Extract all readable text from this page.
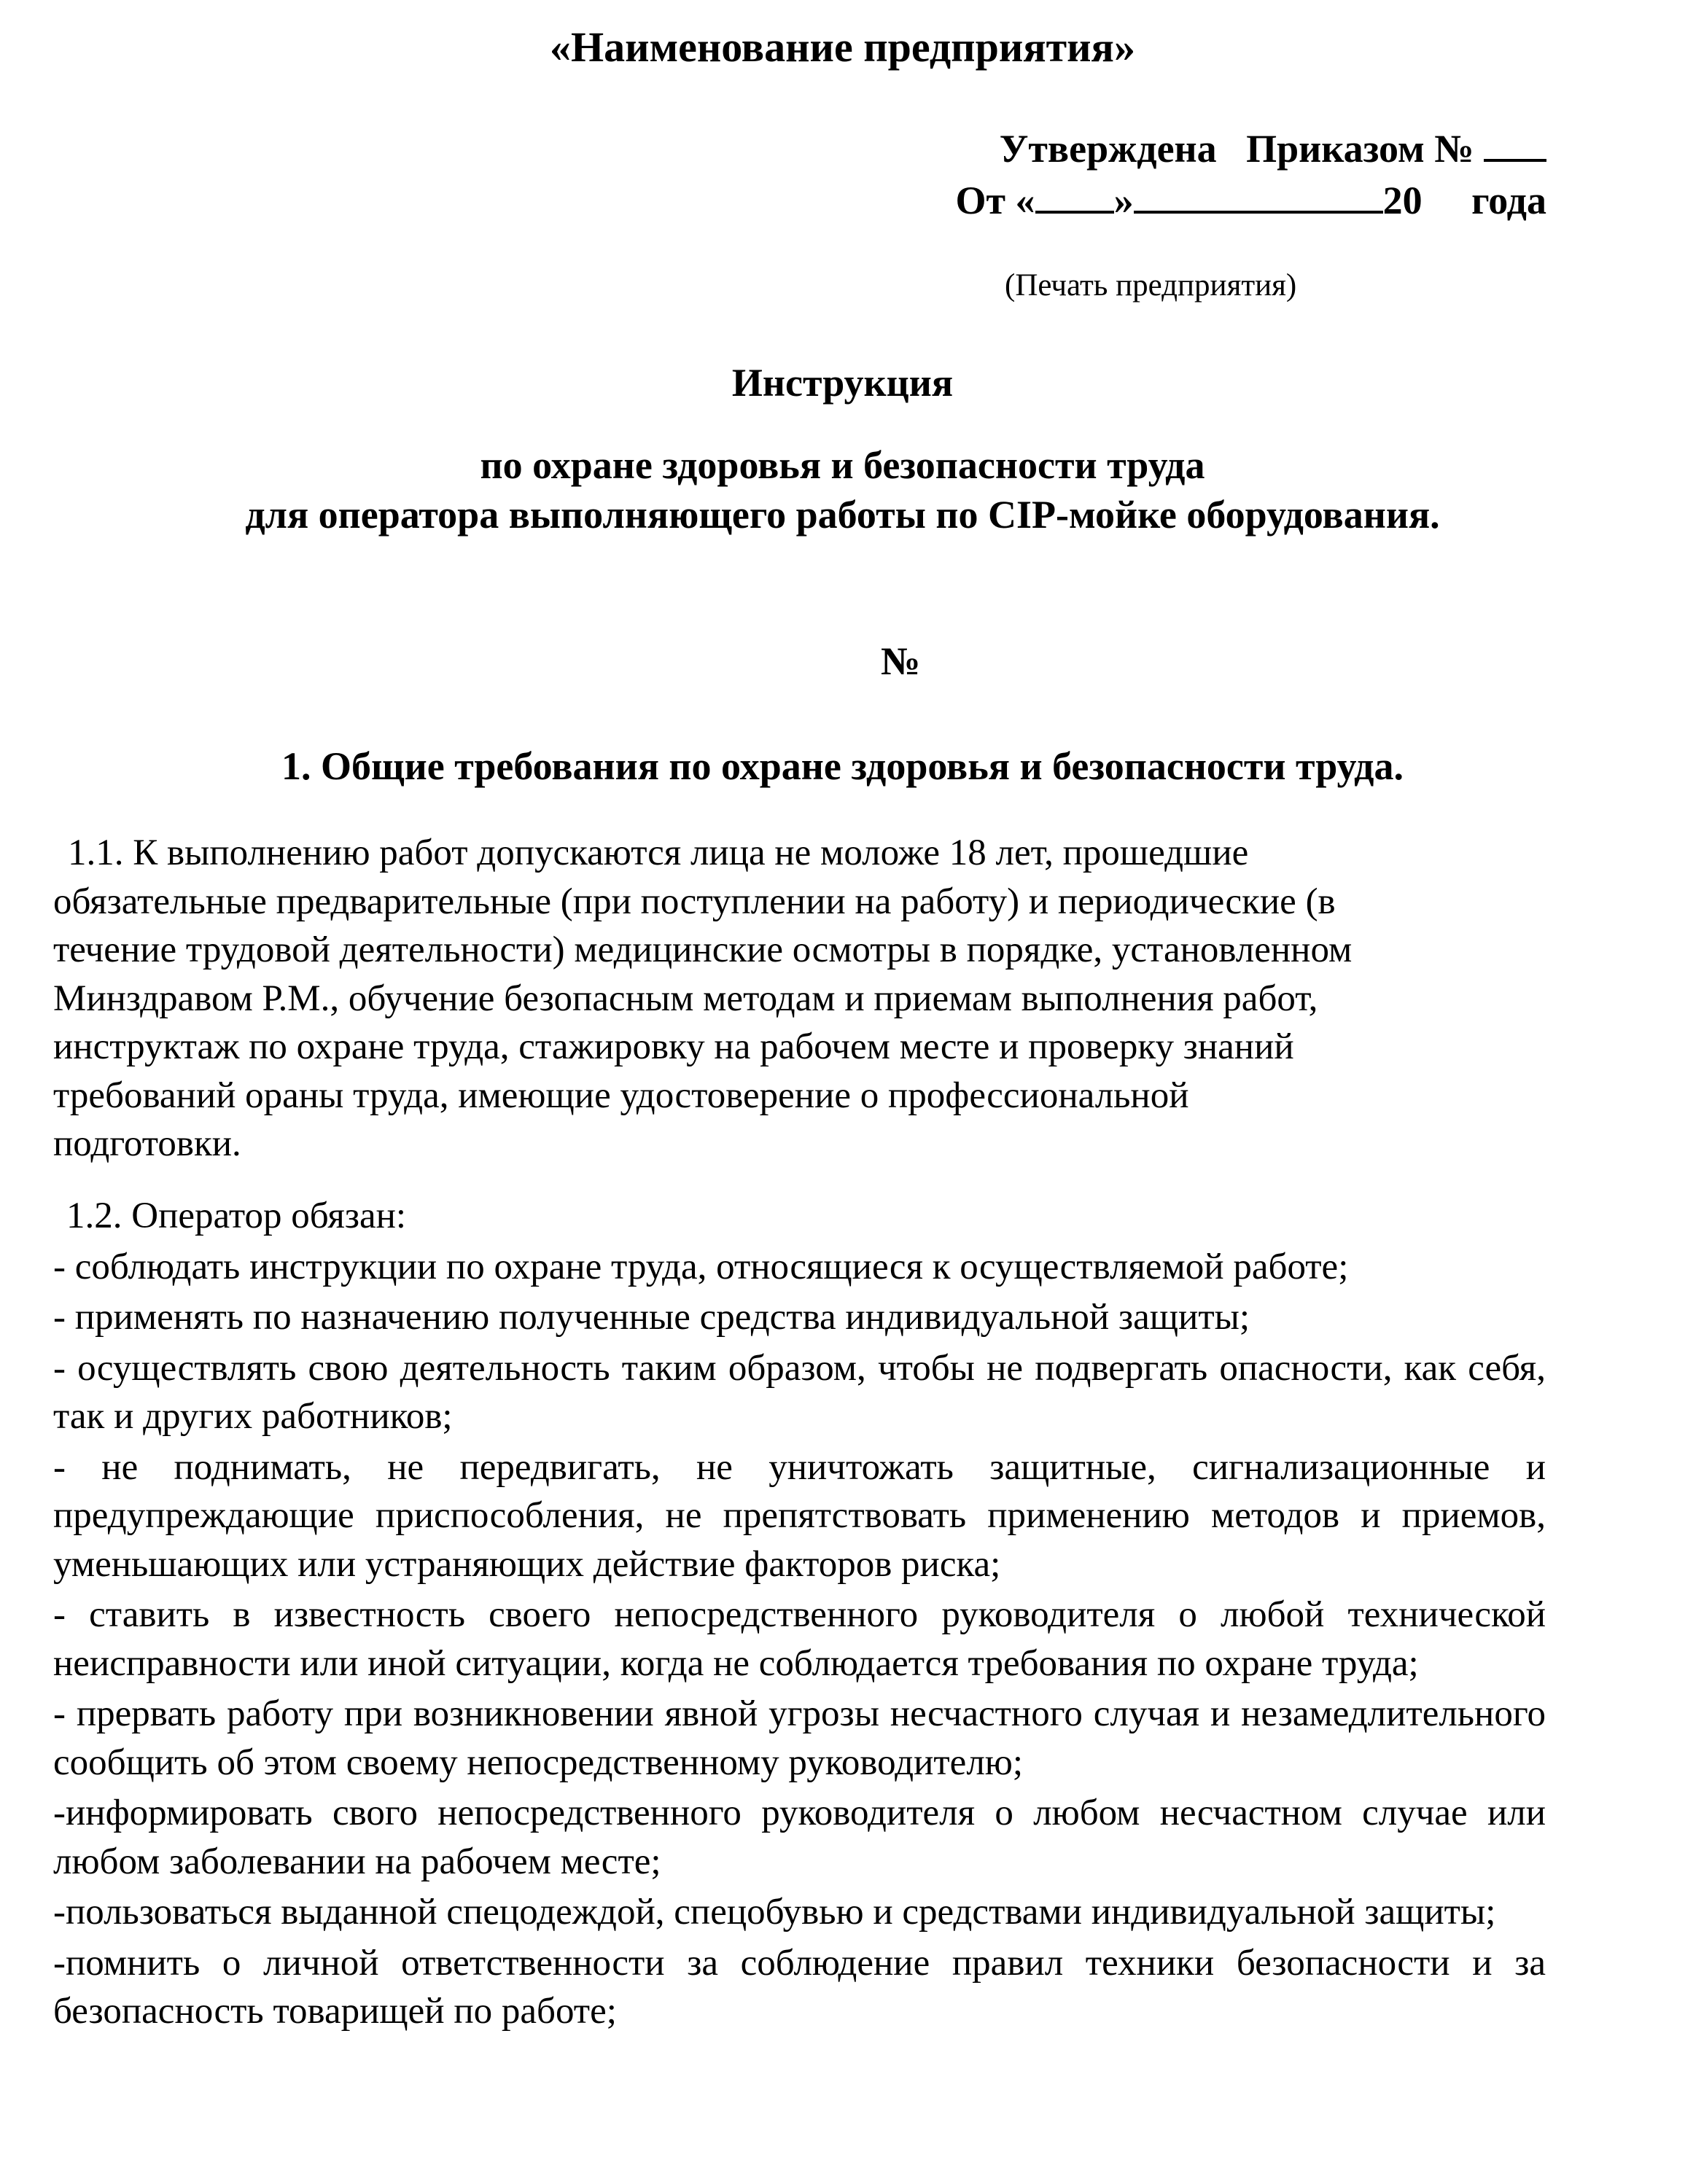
«Наименование предприятия»
Утверждена   Приказом №
От « »	20 года
(Печать предприятия)
Инструкция
по охране здоровья и безопасности труда
для оператора выполняющего работы по CIP-мойке оборудования.
№
1. Общие требования по охране здоровья и безопасности труда.
1.1. К выполнению работ допускаются лица не моложе 18 лет, прошедшие
обязательные предварительные (при поступлении на работу) и периодические (в
течение трудовой деятельности) медицинские осмотры в порядке, установленном
Минздравом Р.М., обучение безопасным методам и приемам выполнения работ,
инструктаж по охране труда, стажировку на рабочем месте и проверку знаний
требований ораны труда, имеющие удостоверение о профессиональной
подготовки.
1.2. Оператор обязан:
- соблюдать инструкции по охране труда, относящиеся к осуществляемой работе;
- применять по назначению полученные средства индивидуальной защиты;
- осуществлять свою деятельность таким образом, чтобы не подвергать опасности, как себя, так и других работников;
- не поднимать, не передвигать, не уничтожать защитные, сигнализационные и предупреждающие приспособления, не препятствовать применению методов и приемов, уменьшающих или устраняющих действие факторов риска;
- ставить в известность своего непосредственного руководителя о любой технической неисправности или иной ситуации, когда не соблюдается требования по охране труда;
- прервать работу при возникновении явной угрозы несчастного случая и незамедлительного сообщить об этом своему непосредственному руководителю;
-информировать свого непосредственного руководителя о любом несчастном случае или любом заболевании на рабочем месте;
-пользоваться выданной спецодеждой, спецобувью и средствами индивидуальной защиты;
-помнить о личной ответственности за соблюдение правил техники безопасности и за безопасность товарищей по работе;
